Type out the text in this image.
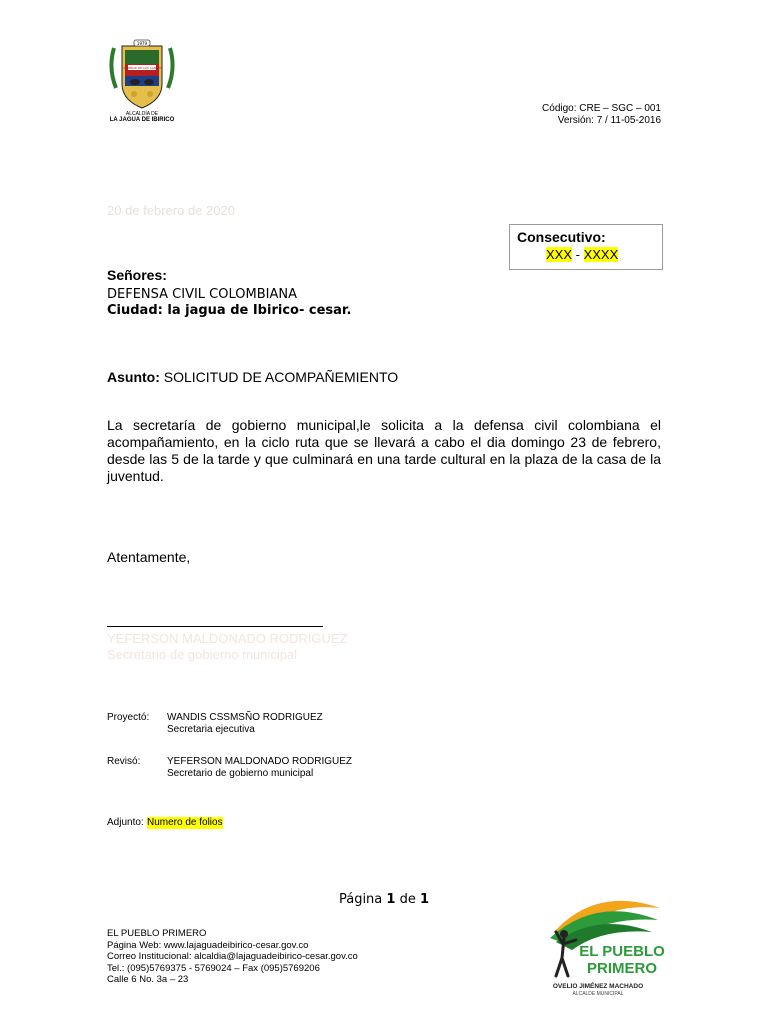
1979
EL SEÑOR DE LOS SANTOS
ALCALDÍA DE
LA JAGUA DE IBIRICO
Código: CRE – SGC – 001
Versión: 7 / 11-05-2016
20 de febrero de 2020
Consecutivo:
XXX - XXXX
Señores:
DEFENSA CIVIL COLOMBIANA
Ciudad: la jagua de Ibirico- cesar.
Asunto: SOLICITUD DE ACOMPAÑEMIENTO
La secretaría de gobierno municipal,le solicita a la defensa civil colombiana el acompañamiento, en la ciclo ruta que se llevará a cabo el dia domingo 23 de febrero, desde las 5 de la tarde y que culminará en una tarde cultural en la plaza de la casa de la juventud.
Atentamente,
YEFERSON MALDONADO RODRIGUEZ
Secretario de gobierno municipal
Proyectó: WANDIS CSSMSÑO RODRIGUEZ
Secretaria ejecutiva
Revisó:	YEFERSON MALDONADO RODRIGUEZ
Secretario de gobierno municipal
Adjunto: Numero de folios
Página 1 de 1
EL PUEBLO PRIMERO
Página Web: www.lajaguadeibirico-cesar.gov.co
Correo Institucional: alcaldia@lajaguadeibirico-cesar.gov.co
Tel.: (095)5769375 - 5769024 – Fax (095)5769206
Calle 6 No. 3a – 23
EL PUEBLO
PRIMERO
OVELIO JIMÉNEZ MACHADO
ALCALDE MUNICIPAL
